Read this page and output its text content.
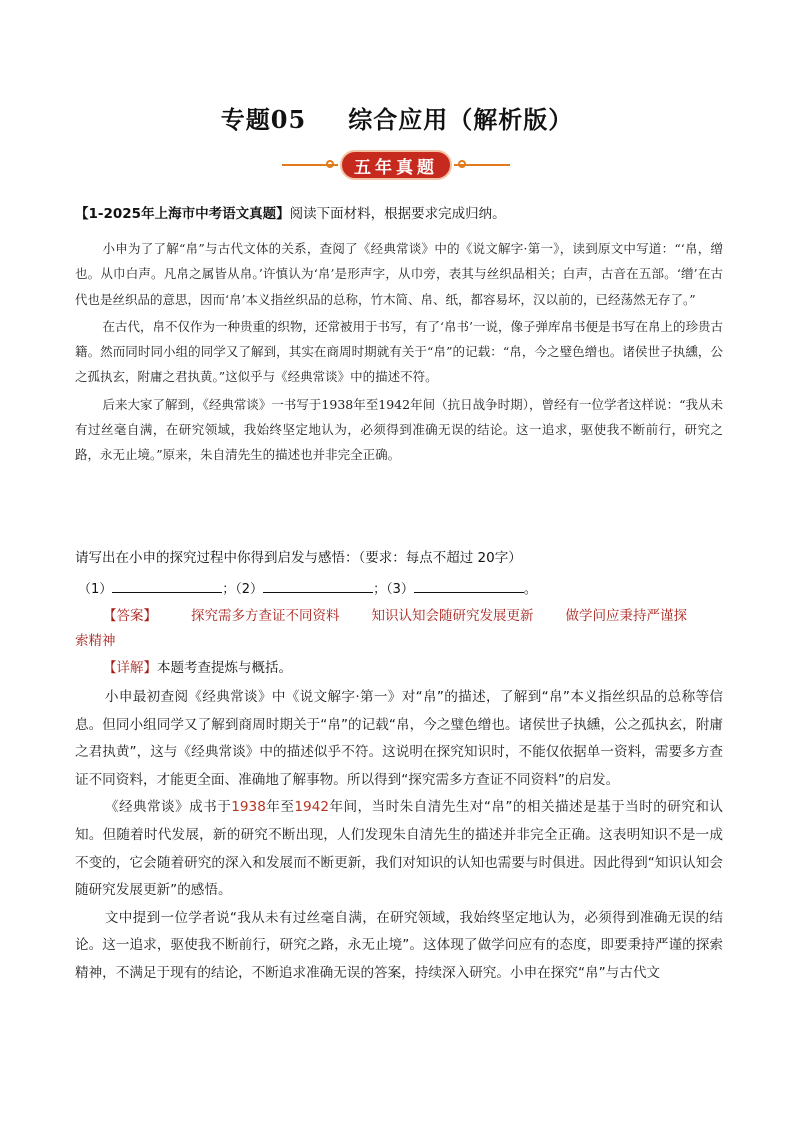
专题05 综合应用（解析版）
五年真题
【1-2025年上海市中考语文真题】阅读下面材料，根据要求完成归纳。

小申为了了解“帛”与古代文体的关系，查阅了《经典常谈》中的《说文解字·第一》，读到原文中写道：“‘帛，缯也。从巾白声。凡帛之属皆从帛。’许慎认为‘帛’是形声字，从巾旁，表其与丝织品相关；白声，古音在五部。‘缯’在古代也是丝织品的意思，因而‘帛’本义指丝织品的总称，竹木简、帛、纸，都容易坏，汉以前的，已经荡然无存了。”

在古代，帛不仅作为一种贵重的织物，还常被用于书写，有了‘帛书’一说，像子弹库帛书便是书写在帛上的珍贵古籍。然而同时同小组的同学又了解到，其实在商周时期就有关于“帛”的记载：“帛，今之璧色缯也。诸侯世子执纁，公之孤执玄，附庸之君执黄。”这似乎与《经典常谈》中的描述不符。

后来大家了解到，《经典常谈》一书写于1938年至1942年间（抗日战争时期），曾经有一位学者这样说：“我从未有过丝毫自满，在研究领域，我始终坚定地认为，必须得到准确无误的结论。这一追求，驱使我不断前行，研究之路，永无止境。”原来，朱自清先生的描述也并非完全正确。

请写出在小申的探究过程中你得到启发与感悟：（要求：每点不超过 20字）
（1）	；（2）	；（3）	。
【答案】	探究需多方查证不同资料 知识认知会随研究发展更新 做学问应秉持严谨探
索精神
【详解】本题考查提炼与概括。

小申最初查阅《经典常谈》中《说文解字·第一》对“帛”的描述，了解到“帛”本义指丝织品的总称等信息。但同小组同学又了解到商周时期关于“帛”的记载“帛，今之璧色缯也。诸侯世子执纁，公之孤执玄，附庸之君执黄”，这与《经典常谈》中的描述似乎不符。这说明在探究知识时，不能仅依据单一资料，需要多方查证不同资料，才能更全面、准确地了解事物。所以得到“探究需多方查证不同资料”的启发。

《经典常谈》成书于1938年至1942年间，当时朱自清先生对“帛”的相关描述是基于当时的研究和认知。但随着时代发展，新的研究不断出现，人们发现朱自清先生的描述并非完全正确。这表明知识不是一成不变的，它会随着研究的深入和发展而不断更新，我们对知识的认知也需要与时俱进。因此得到“知识认知会随研究发展更新”的感悟。

文中提到一位学者说“我从未有过丝毫自满，在研究领域，我始终坚定地认为，必须得到准确无误的结论。这一追求，驱使我不断前行，研究之路，永无止境”。这体现了做学问应有的态度，即要秉持严谨的探索精神，不满足于现有的结论，不断追求准确无误的答案，持续深入研究。小申在探究“帛”与古代文
